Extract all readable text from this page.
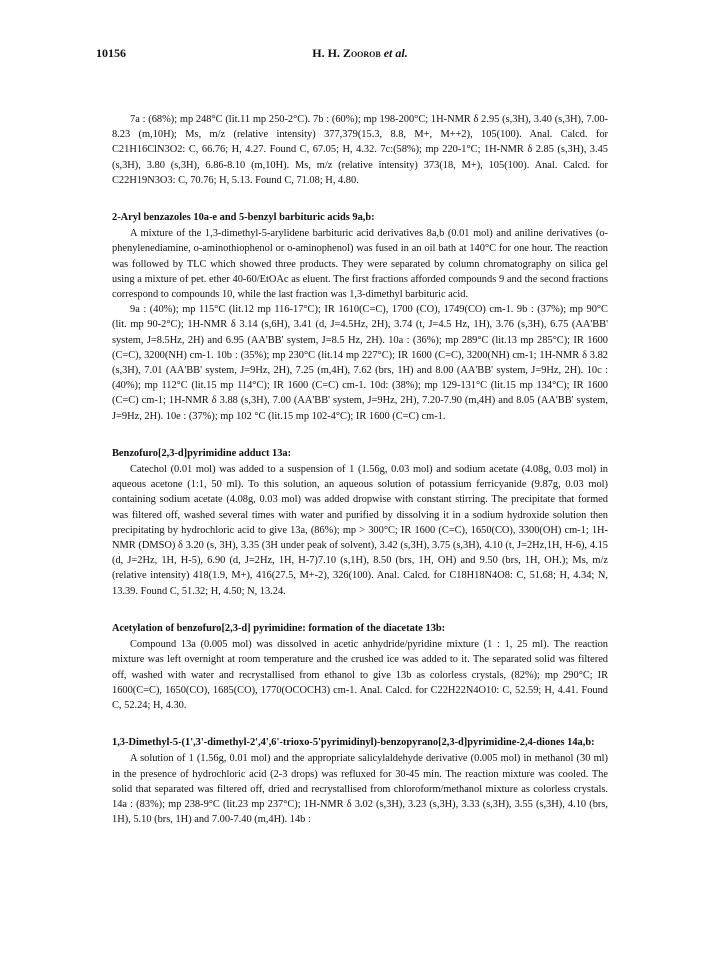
10156	H. H. Zoorob et al.

7a : (68%); mp 248°C (lit.11 mp 250-2°C). 7b : (60%); mp 198-200°C; 1H-NMR δ 2.95 (s,3H), 3.40 (s,3H), 7.00-8.23 (m,10H); Ms, m/z (relative intensity) 377,379(15.3, 8.8, M+, M++2), 105(100). Anal. Calcd. for C21H16ClN3O2: C, 66.76; H, 4.27. Found C, 67.05; H, 4.32. 7c:(58%); mp 220-1°C; 1H-NMR δ 2.85 (s,3H), 3.45 (s,3H), 3.80 (s,3H), 6.86-8.10 (m,10H). Ms, m/z (relative intensity) 373(18, M+), 105(100). Anal. Calcd. for C22H19N3O3: C, 70.76; H, 5.13. Found C, 71.08; H, 4.80.

2-Aryl benzazoles 10a-e and 5-benzyl barbituric acids 9a,b:

A mixture of the 1,3-dimethyl-5-arylidene barbituric acid derivatives 8a,b (0.01 mol) and aniline derivatives (o-phenylenediamine, o-aminothiophenol or o-aminophenol) was fused in an oil bath at 140°C for one hour. The reaction was followed by TLC which showed three products. They were separated by column chromatography on silica gel using a mixture of pet. ether 40-60/EtOAc as eluent. The first fractions afforded compounds 9 and the second fractions correspond to compounds 10, while the last fraction was 1,3-dimethyl barbituric acid.

9a : (40%); mp 115°C (lit.12 mp 116-17°C); IR 1610(C=C), 1700 (CO), 1749(CO) cm-1. 9b : (37%); mp 90°C (lit. mp 90-2°C); 1H-NMR δ 3.14 (s,6H), 3.41 (d, J=4.5Hz, 2H), 3.74 (t, J=4.5 Hz, 1H), 3.76 (s,3H), 6.75 (AA'BB' system, J=8.5Hz, 2H) and 6.95 (AA'BB' system, J=8.5 Hz, 2H). 10a : (36%); mp 289°C (lit.13 mp 285°C); IR 1600 (C=C), 3200(NH) cm-1. 10b : (35%); mp 230°C (lit.14 mp 227°C); IR 1600 (C=C), 3200(NH) cm-1; 1H-NMR δ 3.82 (s,3H), 7.01 (AA'BB' system, J=9Hz, 2H), 7.25 (m,4H), 7.62 (brs, 1H) and 8.00 (AA'BB' system, J=9Hz, 2H). 10c : (40%); mp 112°C (lit.15 mp 114°C); IR 1600 (C=C) cm-1. 10d: (38%); mp 129-131°C (lit.15 mp 134°C); IR 1600 (C=C) cm-1; 1H-NMR δ 3.88 (s,3H), 7.00 (AA'BB' system, J=9Hz, 2H), 7.20-7.90 (m,4H) and 8.05 (AA'BB' system, J=9Hz, 2H). 10e : (37%); mp 102 °C (lit.15 mp 102-4°C); IR 1600 (C=C) cm-1.

Benzofuro[2,3-d]pyrimidine adduct 13a:

Catechol (0.01 mol) was added to a suspension of 1 (1.56g, 0.03 mol) and sodium acetate (4.08g, 0.03 mol) in aqueous acetone (1:1, 50 ml). To this solution, an aqueous solution of potassium ferricyanide (9.87g, 0.03 mol) containing sodium acetate (4.08g, 0.03 mol) was added dropwise with constant stirring. The precipitate that formed was filtered off, washed several times with water and purified by dissolving it in a sodium hydroxide solution then precipitating by hydrochloric acid to give 13a, (86%); mp > 300°C; IR 1600 (C=C), 1650(CO), 3300(OH) cm-1; 1H-NMR (DMSO) δ 3.20 (s, 3H), 3.35 (3H under peak of solvent), 3.42 (s,3H), 3.75 (s,3H), 4.10 (t, J=2Hz,1H, H-6), 4.15 (d, J=2Hz, 1H, H-5), 6.90 (d, J=2Hz, 1H, H-7)7.10 (s,1H), 8.50 (brs, 1H, OH) and 9.50 (brs, 1H, OH.); Ms, m/z (relative intensity) 418(1.9, M+), 416(27.5, M+-2), 326(100). Anal. Calcd. for C18H18N4O8: C, 51.68; H, 4.34; N, 13.39. Found C, 51.32; H, 4.50; N, 13.24.

Acetylation of benzofuro[2,3-d] pyrimidine: formation of the diacetate 13b:

Compound 13a (0.005 mol) was dissolved in acetic anhydride/pyridine mixture (1 : 1, 25 ml). The reaction mixture was left overnight at room temperature and the crushed ice was added to it. The separated solid was filtered off, washed with water and recrystallised from ethanol to give 13b as colorless crystals, (82%); mp 290°C; IR 1600(C=C), 1650(CO), 1685(CO), 1770(OCOCH3) cm-1. Anal. Calcd. for C22H22N4O10: C, 52.59; H, 4.41. Found C, 52.24; H, 4.30.

1,3-Dimethyl-5-(1',3'-dimethyl-2',4',6'-trioxo-5'pyrimidinyl)-benzopyrano[2,3-d]pyrimidine-2,4-diones 14a,b:

A solution of 1 (1.56g, 0.01 mol) and the appropriate salicylaldehyde derivative (0.005 mol) in methanol (30 ml) in the presence of hydrochloric acid (2-3 drops) was refluxed for 30-45 min. The reaction mixture was cooled. The solid that separated was filtered off, dried and recrystallised from chloroform/methanol mixture as colorless crystals. 14a : (83%); mp 238-9°C (lit.23 mp 237°C); 1H-NMR δ 3.02 (s,3H), 3.23 (s,3H), 3.33 (s,3H), 3.55 (s,3H), 4.10 (brs, 1H), 5.10 (brs, 1H) and 7.00-7.40 (m,4H). 14b :
